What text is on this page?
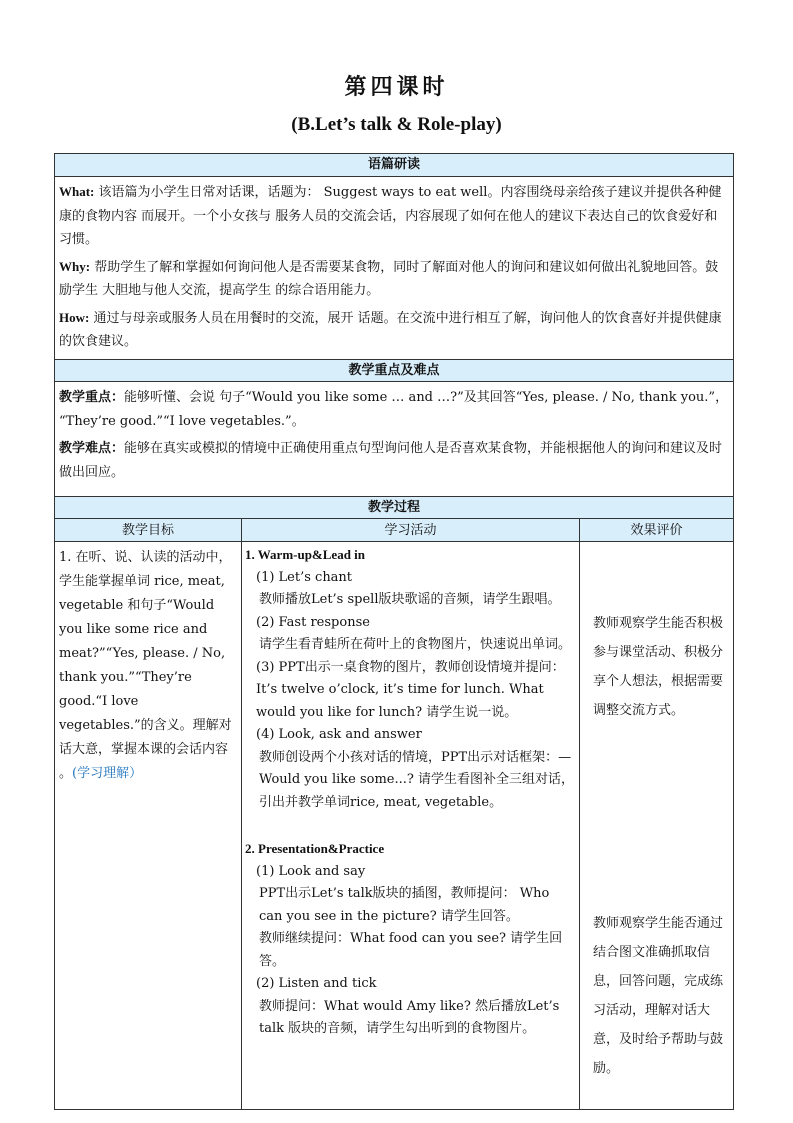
第四课时
(B.Let’s talk & Role-play)
语篇研读

What: 该语篇为小学生日常对话课，话题为： Suggest ways to eat well。内容围绕母亲给孩子建议并提供各种健康的食物内容 而展开。一个小女孩与 服务人员的交流会话，内容展现了如何在他人的建议下表达自己的饮食爱好和习惯。

Why: 帮助学生了解和掌握如何询问他人是否需要某食物，同时了解面对他人的询问和建议如何做出礼貌地回答。鼓励学生 大胆地与他人交流，提高学生 的综合语用能力。

How: 通过与母亲或服务人员在用餐时的交流，展开 话题。在交流中进行相互了解，询问他人的饮食喜好并提供健康的饮食建议。

教学重点及难点

教学重点：能够听懂、会说 句子“Would you like some … and …?”及其回答“Yes, please. / No, thank you.”， “They’re good.”“I love vegetables.”。

教学难点：能够在真实或模拟的情境中正确使用重点句型询问他人是否喜欢某食物，并能根据他人的询问和建议及时做出回应。

教学过程
教学目标	学习活动	效果评价
1. 在听、说、认读的活动中，学生能掌握单词 rice, meat, vegetable 和句子“Would you like some rice and meat?”“Yes, please. / No, thank you.”“They’re good.“I love vegetables.”的含义。理解对话大意，掌握本课的会话内容 。(学习理解）

1. Warm-up&Lead in

(1) Let’s chant

教师播放Let’s spell版块歌谣的音频，请学生跟唱。

(2) Fast response

请学生看青蛙所在荷叶上的食物图片，快速说出单词。

(3) PPT出示一桌食物的图片，教师创设情境并提问：It’s twelve o’clock, it’s time for lunch. What would you like for lunch? 请学生说一说。

(4) Look, ask and answer

教师创设两个小孩对话的情境，PPT出示对话框架：—Would you like some...? 请学生看图补全三组对话，引出并教学单词rice, meat, vegetable。

2. Presentation&Practice

(1) Look and say

PPT出示Let’s talk版块的插图，教师提问： Who can you see in the picture? 请学生回答。

教师继续提问：What food can you see? 请学生回答。

(2) Listen and tick

教师提问：What would Amy like? 然后播放Let’s talk 版块的音频，请学生勾出听到的食物图片。

教师观察学生能否积极参与课堂活动、积极分享个人想法，根据需要调整交流方式。
教师观察学生能否通过结合图文准确抓取信息，回答问题，完成练习活动，理解对话大意，及时给予帮助与鼓励。
